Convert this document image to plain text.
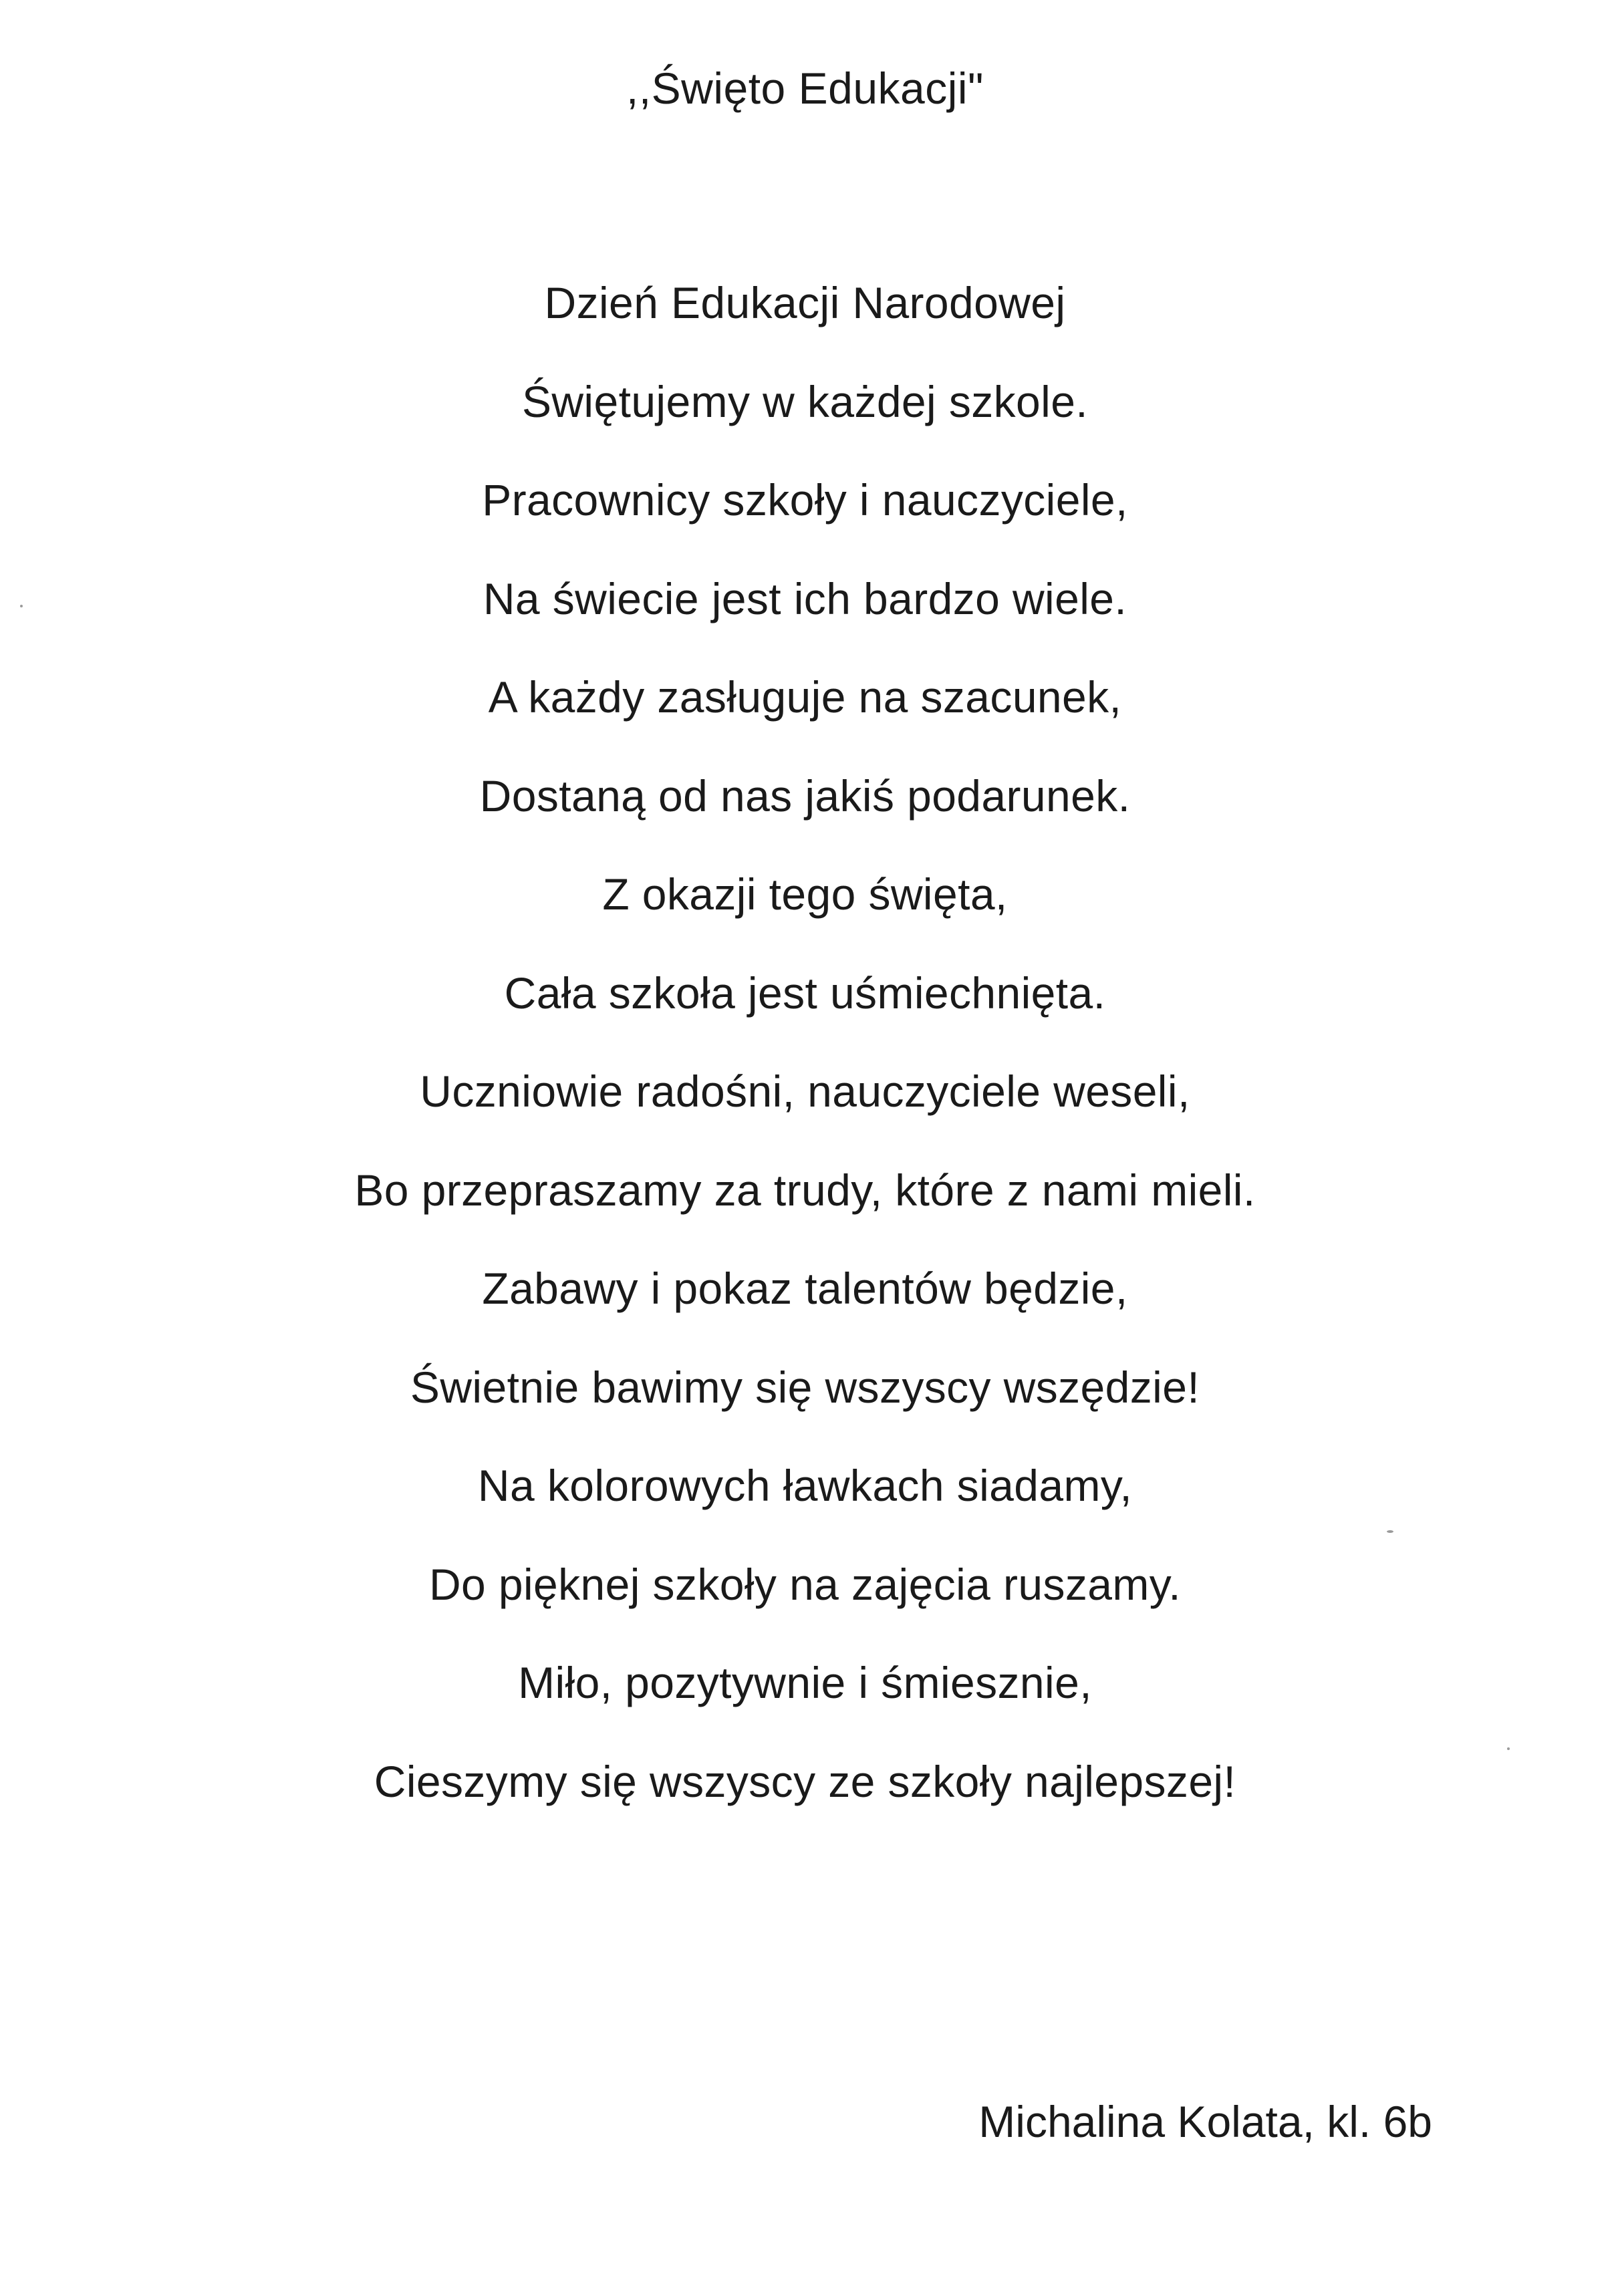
,,Święto Edukacji"
Dzień Edukacji Narodowej
Świętujemy w każdej szkole.
Pracownicy szkoły i nauczyciele,
Na świecie jest ich bardzo wiele.
A każdy zasługuje na szacunek,
Dostaną od nas jakiś podarunek.
Z okazji tego święta,
Cała szkoła jest uśmiechnięta.
Uczniowie radośni, nauczyciele weseli,
Bo przepraszamy za trudy, które z nami mieli.
Zabawy i pokaz talentów będzie,
Świetnie bawimy się wszyscy wszędzie!
Na kolorowych ławkach siadamy,
Do pięknej szkoły na zajęcia ruszamy.
Miło, pozytywnie i śmiesznie,
Cieszymy się wszyscy ze szkoły najlepszej!
Michalina Kolata, kl. 6b
